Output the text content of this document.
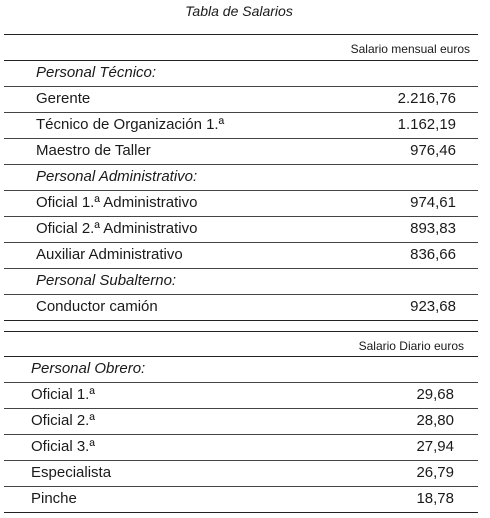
Tabla de Salarios
Salario mensual euros
Personal Técnico:
Gerente	2.216,76
Técnico de Organización 1.ª	1.162,19
Maestro de Taller	976,46
Personal Administrativo:
Oficial 1.ª Administrativo	974,61
Oficial 2.ª Administrativo	893,83
Auxiliar Administrativo	836,66
Personal Subalterno:
Conductor camión	923,68
Salario Diario euros
Personal Obrero:
Oficial 1.ª	29,68
Oficial 2.ª	28,80
Oficial 3.ª	27,94
Especialista	26,79
Pinche	18,78
